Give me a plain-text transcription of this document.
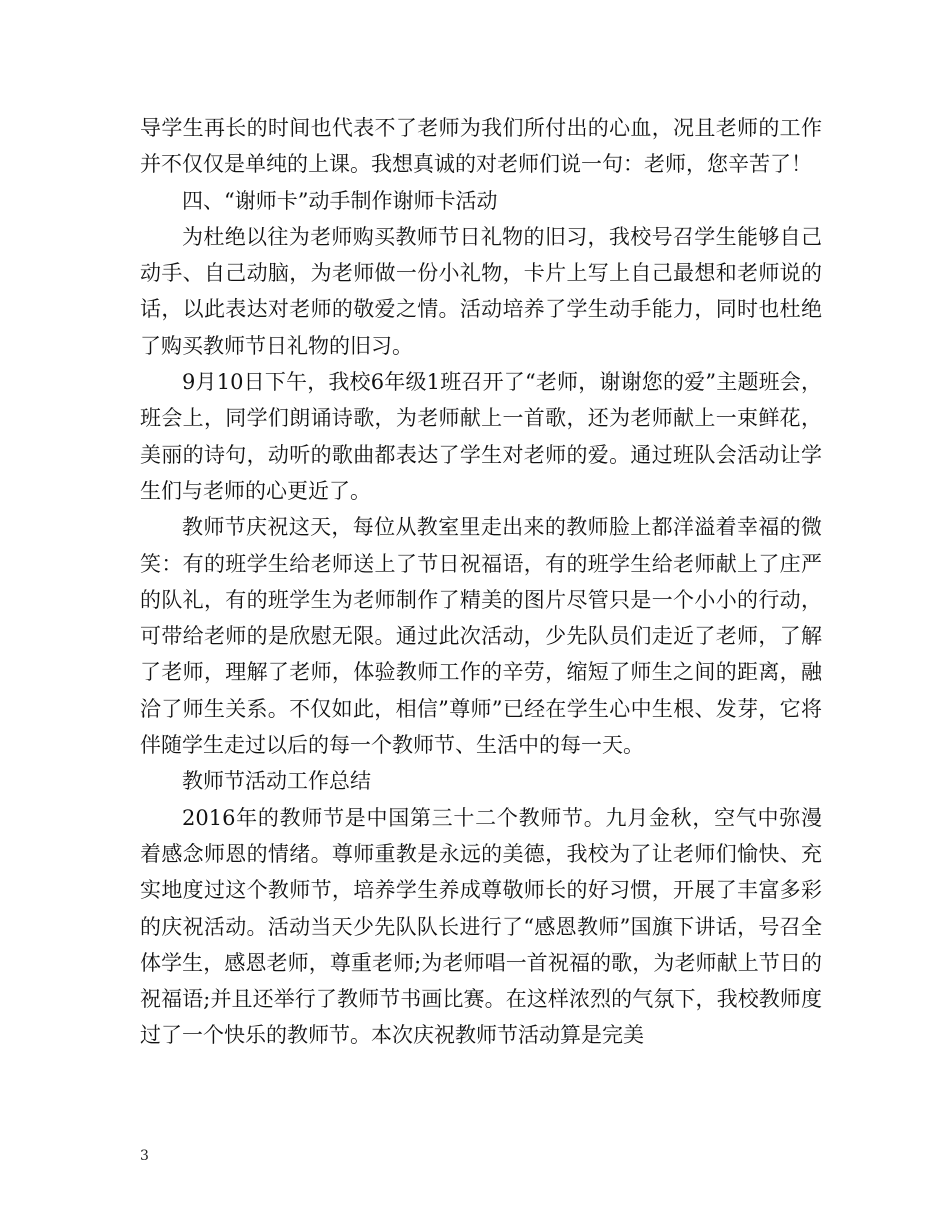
导学生再长的时间也代表不了老师为我们所付出的心血，况且老师的工作并不仅仅是单纯的上课。我想真诚的对老师们说一句：老师，您辛苦了！

四、“谢师卡”动手制作谢师卡活动

为杜绝以往为老师购买教师节日礼物的旧习，我校号召学生能够自己动手、自己动脑，为老师做一份小礼物，卡片上写上自己最想和老师说的话，以此表达对老师的敬爱之情。活动培养了学生动手能力，同时也杜绝了购买教师节日礼物的旧习。

9月10日下午，我校6年级1班召开了“老师，谢谢您的爱”主题班会，班会上，同学们朗诵诗歌，为老师献上一首歌，还为老师献上一束鲜花，美丽的诗句，动听的歌曲都表达了学生对老师的爱。通过班队会活动让学生们与老师的心更近了。

教师节庆祝这天，每位从教室里走出来的教师脸上都洋溢着幸福的微笑：有的班学生给老师送上了节日祝福语，有的班学生给老师献上了庄严的队礼，有的班学生为老师制作了精美的图片尽管只是一个小小的行动，可带给老师的是欣慰无限。通过此次活动，少先队员们走近了老师，了解了老师，理解了老师，体验教师工作的辛劳，缩短了师生之间的距离，融洽了师生关系。不仅如此，相信”尊师”已经在学生心中生根、发芽，它将伴随学生走过以后的每一个教师节、生活中的每一天。

教师节活动工作总结

2016年的教师节是中国第三十二个教师节。九月金秋，空气中弥漫着感念师恩的情绪。尊师重教是永远的美德，我校为了让老师们愉快、充实地度过这个教师节，培养学生养成尊敬师长的好习惯，开展了丰富多彩的庆祝活动。活动当天少先队队长进行了“感恩教师”国旗下讲话，号召全体学生，感恩老师，尊重老师;为老师唱一首祝福的歌，为老师献上节日的祝福语;并且还举行了教师节书画比赛。在这样浓烈的气氛下，我校教师度过了一个快乐的教师节。本次庆祝教师节活动算是完美

3
